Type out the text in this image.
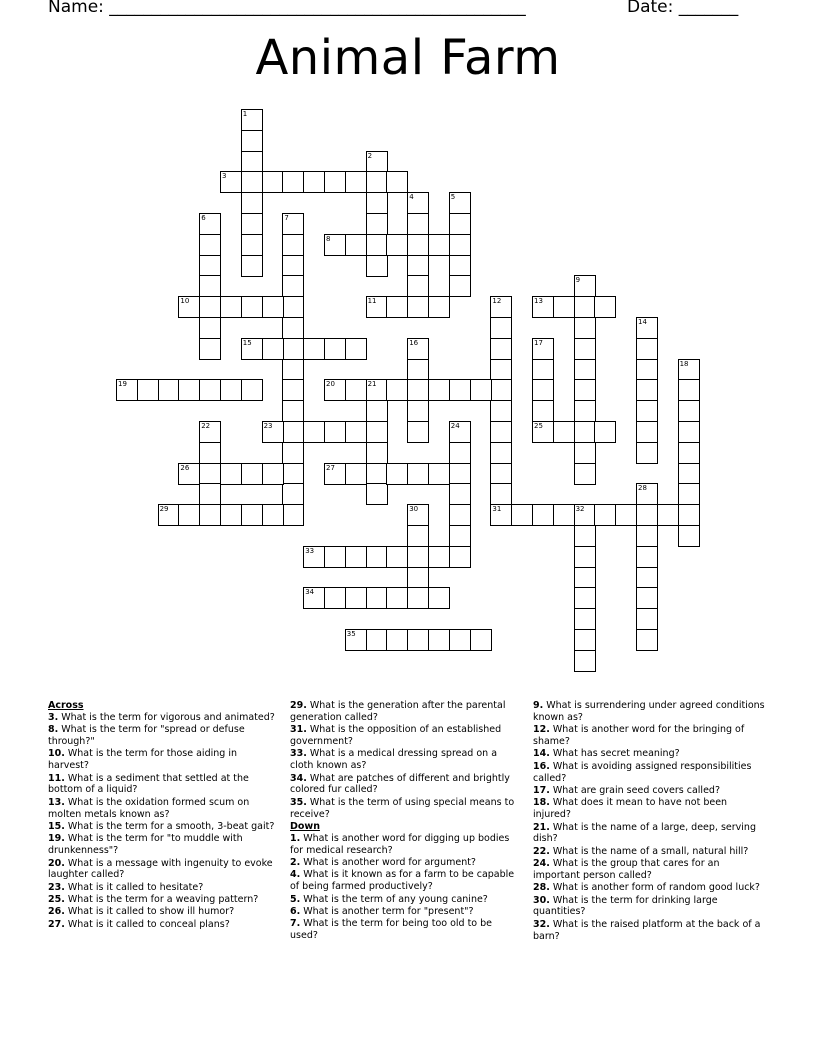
Name: _________________________________________________	Date: _______
Animal Farm
1
2
3
4	5
6	7
8
9
10	11	12	13
14
15	16	17
18
19	20	21
22	23	24	25
26	27
28
29	30	31	32
33
34
35
Across
3. What is the term for vigorous and animated?
8. What is the term for "spread or defuse through?"
10. What is the term for those aiding in harvest?
11. What is a sediment that settled at the bottom of a liquid?
13. What is the oxidation formed scum on molten metals known as?
15. What is the term for a smooth, 3-beat gait?
19. What is the term for "to muddle with drunkenness"?
20. What is a message with ingenuity to evoke laughter called?
23. What is it called to hesitate?
25. What is the term for a weaving pattern?
26. What is it called to show ill humor?
27. What is it called to conceal plans?
29. What is the generation after the parental generation called?
31. What is the opposition of an established government?
33. What is a medical dressing spread on a cloth known as?
34. What are patches of different and brightly colored fur called?
35. What is the term of using special means to receive?
Down
1. What is another word for digging up bodies for medical research?
2. What is another word for argument?
4. What is it known as for a farm to be capable of being farmed productively?
5. What is the term of any young canine?
6. What is another term for "present"?
7. What is the term for being too old to be used?
9. What is surrendering under agreed conditions known as?
12. What is another word for the bringing of shame?
14. What has secret meaning?
16. What is avoiding assigned responsibilities called?
17. What are grain seed covers called?
18. What does it mean to have not been injured?
21. What is the name of a large, deep, serving dish?
22. What is the name of a small, natural hill?
24. What is the group that cares for an important person called?
28. What is another form of random good luck?
30. What is the term for drinking large quantities?
32. What is the raised platform at the back of a barn?
